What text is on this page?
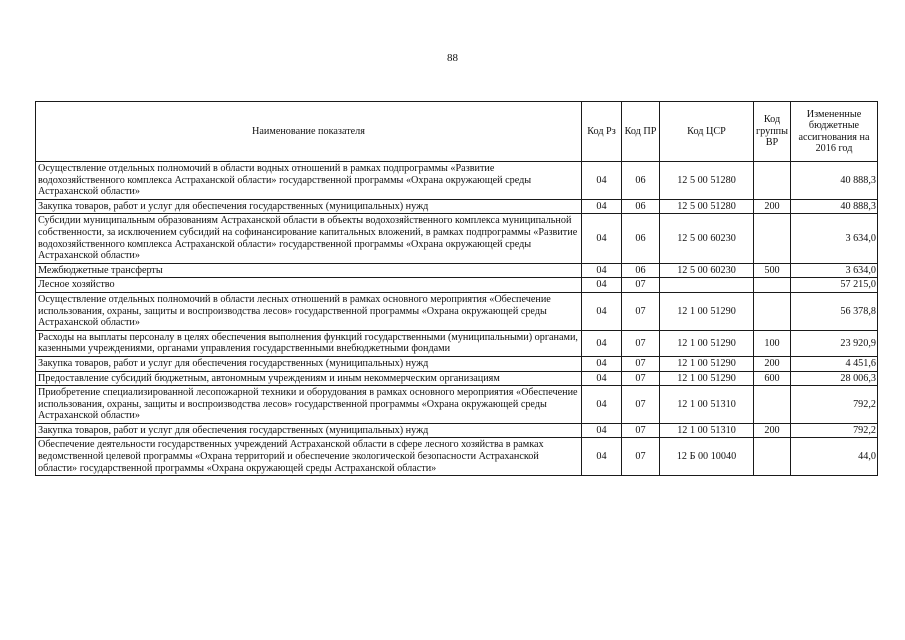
88
Наименование показателя	Код Рз	Код ПР	Код ЦСР	Код группы ВР	Измененные бюджетные ассигнования на 2016 год
Осуществление отдельных полномочий в области водных отношений в рамках подпрограммы «Развитие водохозяйственного комплекса Астраханской области» государственной программы «Охрана окружающей среды Астраханской области»	04	06	12 5 00 51280		40 888,3
Закупка товаров, работ и услуг для обеспечения государственных (муниципальных) нужд	04	06	12 5 00 51280	200	40 888,3
Субсидии муниципальным образованиям Астраханской области в объекты водохозяйственного комплекса муниципальной собственности, за исключением субсидий на софинансирование капитальных вложений, в рамках подпрограммы «Развитие водохозяйственного комплекса Астраханской области» государственной программы «Охрана окружающей среды Астраханской области»	04	06	12 5 00 60230		3 634,0
Межбюджетные трансферты	04	06	12 5 00 60230	500	3 634,0
Лесное хозяйство	04	07			57 215,0
Осуществление отдельных полномочий в области лесных отношений в рамках основного мероприятия «Обеспечение использования, охраны, защиты и воспроизводства лесов» государственной программы «Охрана окружающей среды Астраханской области»	04	07	12 1 00 51290		56 378,8
Расходы на выплаты персоналу в целях обеспечения выполнения функций государственными (муниципальными) органами, казенными учреждениями, органами управления государственными внебюджетными фондами	04	07	12 1 00 51290	100	23 920,9
Закупка товаров, работ и услуг для обеспечения государственных (муниципальных) нужд	04	07	12 1 00 51290	200	4 451,6
Предоставление субсидий бюджетным, автономным учреждениям и иным некоммерческим организациям	04	07	12 1 00 51290	600	28 006,3
Приобретение специализированной лесопожарной техники и оборудования в рамках основного мероприятия «Обеспечение использования, охраны, защиты и воспроизводства лесов» государственной программы «Охрана окружающей среды Астраханской области»	04	07	12 1 00 51310		792,2
Закупка товаров, работ и услуг для обеспечения государственных (муниципальных) нужд	04	07	12 1 00 51310	200	792,2
Обеспечение деятельности государственных учреждений Астраханской области в сфере лесного хозяйства в рамках ведомственной целевой программы «Охрана территорий и обеспечение экологической безопасности Астраханской области» государственной программы «Охрана окружающей среды Астраханской области»	04	07	12 Б 00 10040		44,0
